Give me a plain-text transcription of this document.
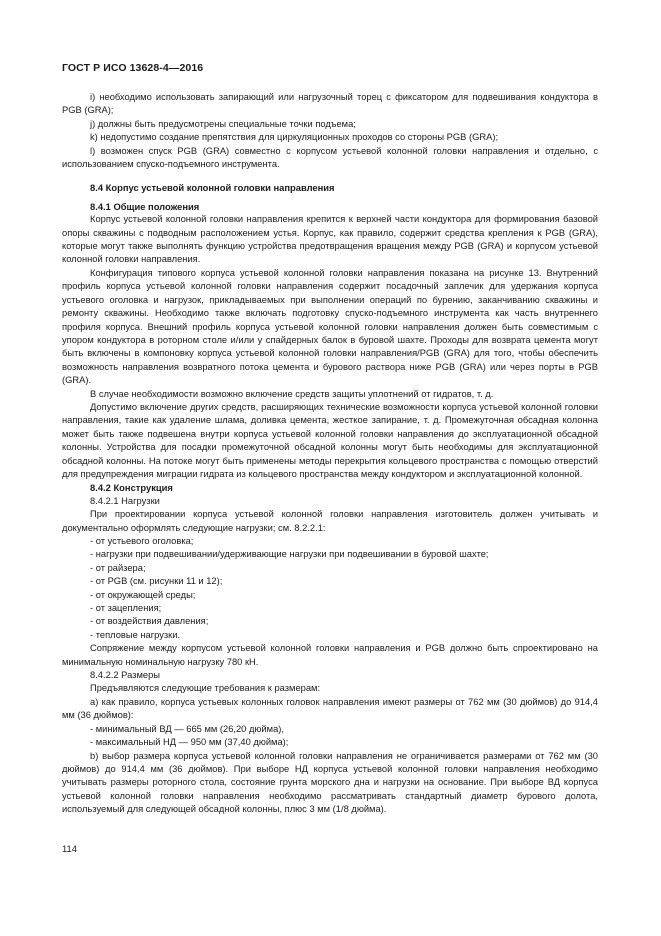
ГОСТ Р ИСО 13628-4—2016

i) необходимо использовать запирающий или нагрузочный торец с фиксатором для подвешивания кондуктора в PGB (GRA);

j) должны быть предусмотрены специальные точки подъема;

k) недопустимо создание препятствия для циркуляционных проходов со стороны PGB (GRA);

l) возможен спуск PGB (GRA) совместно с корпусом устьевой колонной головки направления и отдельно, с использованием спуско-подъемного инструмента.

8.4 Корпус устьевой колонной головки направления
8.4.1 Общие положения

Корпус устьевой колонной головки направления крепится к верхней части кондуктора для формирования базовой опоры скважины с подводным расположением устья. Корпус, как правило, содержит средства крепления к PGB (GRA), которые могут также выполнять функцию устройства предотвращения вращения между PGB (GRA) и корпусом устьевой колонной головки направления.

Конфигурация типового корпуса устьевой колонной головки направления показана на рисунке 13. Внутренний профиль корпуса устьевой колонной головки направления содержит посадочный заплечик для удержания корпуса устьевого оголовка и нагрузок, прикладываемых при выполнении операций по бурению, заканчиванию скважины и ремонту скважины. Необходимо также включать подготовку спуско-подъемного инструмента как часть внутреннего профиля корпуса. Внешний профиль корпуса устьевой колонной головки направления должен быть совместимым с упором кондуктора в роторном столе и/или у спайдерных балок в буровой шахте. Проходы для возврата цемента могут быть включены в компоновку корпуса устьевой колонной головки направления/PGB (GRA) для того, чтобы обеспечить возможность направления возвратного потока цемента и бурового раствора ниже PGB (GRA) или через порты в PGB (GRA).

В случае необходимости возможно включение средств защиты уплотнений от гидратов, т. д.

Допустимо включение других средств, расширяющих технические возможности корпуса устьевой колонной головки направления, такие как удаление шлама, доливка цемента, жесткое запирание, т. д. Промежуточная обсадная колонна может быть также подвешена внутри корпуса устьевой колонной головки направления до эксплуатационной обсадной колонны. Устройства для посадки промежуточной обсадной колонны могут быть необходимы для эксплуатационной обсадной колонны. На потоке могут быть применены методы перекрытия кольцевого пространства с помощью отверстий для предупреждения миграции гидрата из кольцевого пространства между кондуктором и эксплуатационной колонной.

8.4.2 Конструкция

8.4.2.1 Нагрузки

При проектировании корпуса устьевой колонной головки направления изготовитель должен учитывать и документально оформлять следующие нагрузки; см. 8.2.2.1:

- от устьевого оголовка;

- нагрузки при подвешивании/удерживающие нагрузки при подвешивании в буровой шахте;

- от райзера;

- от PGB (см. рисунки 11 и 12);

- от окружающей среды;

- от зацепления;

- от воздействия давления;

- тепловые нагрузки.

Сопряжение между корпусом устьевой колонной головки направления и PGB должно быть спроектировано на минимальную номинальную нагрузку 780 кН.

8.4.2.2 Размеры

Предъявляются следующие требования к размерам:

а) как правило, корпуса устьевых колонных головок направления имеют размеры от 762 мм (30 дюймов) до 914,4 мм (36 дюймов):

- минимальный ВД — 665 мм (26,20 дюйма),

- максимальный НД — 950 мм (37,40 дюйма);

b) выбор размера корпуса устьевой колонной головки направления не ограничивается размерами от 762 мм (30 дюймов) до 914,4 мм (36 дюймов). При выборе НД корпуса устьевой колонной головки направления необходимо учитывать размеры роторного стола, состояние грунта морского дна и нагрузки на основание. При выборе ВД корпуса устьевой колонной головки направления необходимо рассматривать стандартный диаметр бурового долота, используемый для следующей обсадной колонны, плюс 3 мм (1/8 дюйма).

114
